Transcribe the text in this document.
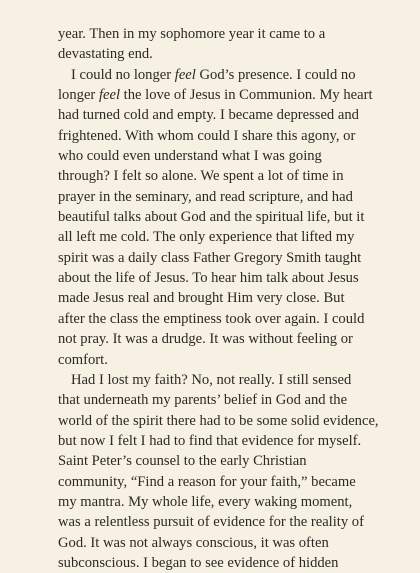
year. Then in my sophomore year it came to a
devastating end.
I could no longer feel God’s presence. I could no
longer feel the love of Jesus in Communion. My heart
had turned cold and empty. I became depressed and
frightened. With whom could I share this agony, or
who could even understand what I was going
through? I felt so alone. We spent a lot of time in
prayer in the seminary, and read scripture, and had
beautiful talks about God and the spiritual life, but it
all left me cold. The only experience that lifted my
spirit was a daily class Father Gregory Smith taught
about the life of Jesus. To hear him talk about Jesus
made Jesus real and brought Him very close. But
after the class the emptiness took over again. I could
not pray. It was a drudge. It was without feeling or
comfort.
Had I lost my faith? No, not really. I still sensed
that underneath my parents’ belief in God and the
world of the spirit there had to be some solid evidence,
but now I felt I had to find that evidence for myself.
Saint Peter’s counsel to the early Christian
community, “Find a reason for your faith,” became
my mantra. My whole life, every waking moment,
was a relentless pursuit of evidence for the reality of
God. It was not always conscious, it was often
subconscious. I began to see evidence of hidden
